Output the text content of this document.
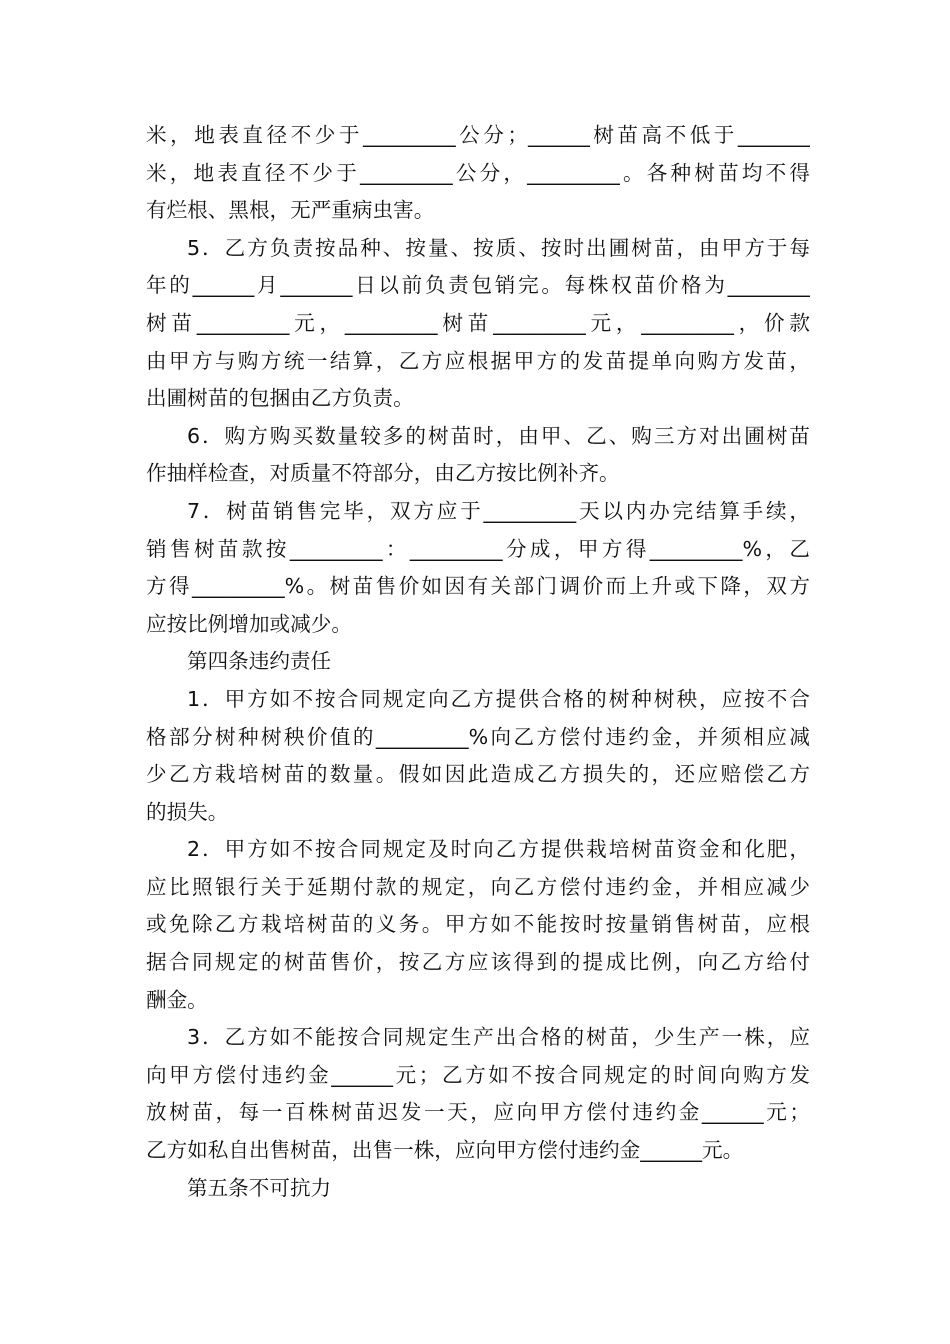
米，地表直径不少于_________公分；______树苗高不低于_______
米，地表直径不少于_________公分，_________。各种树苗均不得
有烂根、黑根，无严重病虫害。
5．乙方负责按品种、按量、按质、按时出圃树苗，由甲方于每
年的______月_______日以前负责包销完。每株权苗价格为________
树苗_________元，_________树苗_________元，_________，价款
由甲方与购方统一结算，乙方应根据甲方的发苗提单向购方发苗，
出圃树苗的包捆由乙方负责。
6．购方购买数量较多的树苗时，由甲、乙、购三方对出圃树苗
作抽样检查，对质量不符部分，由乙方按比例补齐。
7．树苗销售完毕，双方应于_________天以内办完结算手续，
销售树苗款按_________：_________分成，甲方得_________%，乙
方得_________%。树苗售价如因有关部门调价而上升或下降，双方
应按比例增加或减少。
第四条违约责任
1．甲方如不按合同规定向乙方提供合格的树种树秧，应按不合
格部分树种树秧价值的_________%向乙方偿付违约金，并须相应减
少乙方栽培树苗的数量。假如因此造成乙方损失的，还应赔偿乙方
的损失。
2．甲方如不按合同规定及时向乙方提供栽培树苗资金和化肥，
应比照银行关于延期付款的规定，向乙方偿付违约金，并相应减少
或免除乙方栽培树苗的义务。甲方如不能按时按量销售树苗，应根
据合同规定的树苗售价，按乙方应该得到的提成比例，向乙方给付
酬金。
3．乙方如不能按合同规定生产出合格的树苗，少生产一株，应
向甲方偿付违约金______元；乙方如不按合同规定的时间向购方发
放树苗，每一百株树苗迟发一天，应向甲方偿付违约金______元；
乙方如私自出售树苗，出售一株，应向甲方偿付违约金______元。
第五条不可抗力
